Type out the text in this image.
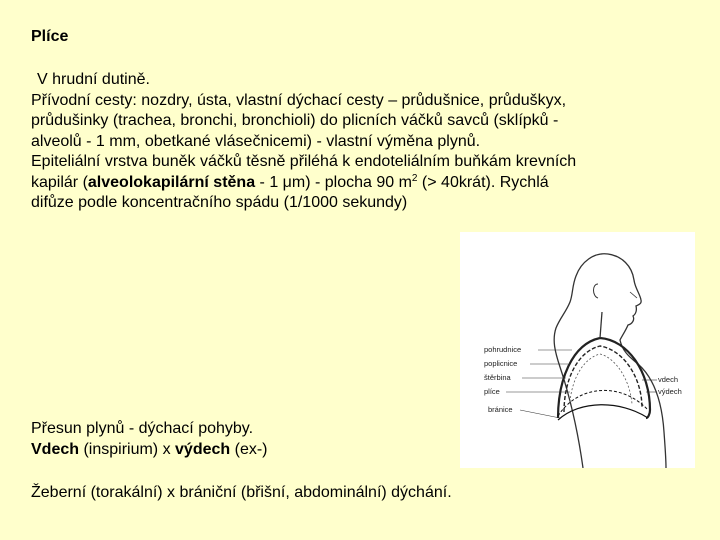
Plíce
V hrudní dutině.
Přívodní cesty: nozdry, ústa, vlastní dýchací cesty – průdušnice, průduškyx,
průdušinky (trachea, bronchi, bronchioli) do plicních váčků savců (sklípků -
alveolů - 1 mm, obetkané vlásečnicemi) - vlastní výměna plynů.
Epiteliální vrstva buněk váčků těsně přiléhá k endoteliálním buňkám krevních
kapilár (alveolokapilární stěna - 1 μm) - plocha 90 $m^2$ (> 40krát). Rychlá
difůze podle koncentračního spádu (1/1000 sekundy)
pohrudnice
poplicnice
štěrbina
plíce
bránice
vdech
výdech
Přesun plynů - dýchací pohyby.
Vdech (inspirium) x výdech (ex-)
Žeberní (torakální) x brániční (břišní, abdominální) dýchání.
